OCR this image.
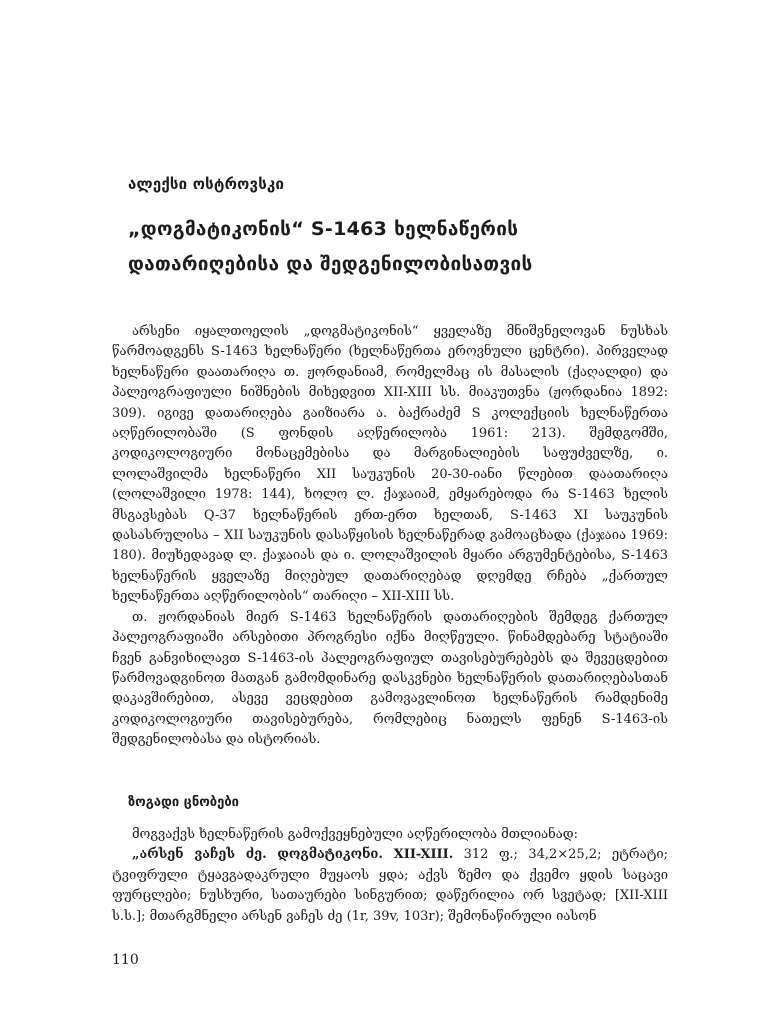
ალექსი ოსტროვსკი
„დოგმატიკონის“ S-1463 ხელნაწერის
დათარიღებისა და შედგენილობისათვის

არსენი იყალთოელის „დოგმატიკონის“ ყველაზე მნიშვნელოვან ნუსხას წარმოადგენს S-1463 ხელნაწერი (ხელნაწერთა ეროვნული ცენტრი). პირველად ხელნაწერი დაათარიღა თ. ჟორდანიამ, რომელმაც ის მასალის (ქაღალდი) და პალეოგრაფიული ნიშნების მიხედვით XII-XIII სს. მიაკუთვნა (ჟორდანია 1892: 309). იგივე დათარიღება გაიზიარა ა. ბაქრაძემ S კოლექციის ხელნაწერთა აღწერილობაში (S ფონდის აღწერილობა 1961: 213). შემდგომში, კოდიკოლოგიური მონაცემებისა და მარგინალიების საფუძველზე, ი. ლოლაშვილმა ხელნაწერი XII საუკუნის 20-30-იანი წლებით დაათარიღა (ლოლაშვილი 1978: 144), ხოლო ლ. ქაჯაიამ, ემყარებოდა რა S-1463 ხელის მსგავსებას Q-37 ხელნაწერის ერთ-ერთ ხელთან, S-1463 XI საუკუნის დასასრულისა – XII საუკუნის დასაწყისის ხელნაწერად გამოაცხადა (ქაჯაია 1969: 180). მიუხედავად ლ. ქაჯაიას და ი. ლოლაშვილის მყარი არგუმენტებისა, S-1463 ხელნაწერის ყველაზე მიღებულ დათარიღებად დღემდე რჩება „ქართულ ხელნაწერთა აღწერილობის“ თარიღი – XII-XIII სს.

თ. ჟორდანიას მიერ S-1463 ხელნაწერის დათარიღების შემდეგ ქართულ პალეოგრაფიაში არსებითი პროგრესი იქნა მიღწეული. წინამდებარე სტატიაში ჩვენ განვიხილავთ S-1463-ის პალეოგრაფიულ თავისებურებებს და შევეცდებით წარმოვადგინოთ მათგან გამომდინარე დასკვნები ხელნაწერის დათარიღებასთან დაკავშირებით, ასევე ვეცდებით გამოვავლინოთ ხელნაწერის რამდენიმე კოდიკოლოგიური თავისებურება, რომლებიც ნათელს ფენენ S-1463-ის შედგენილობასა და ისტორიას.

ზოგადი ცნობები

მოგვაქვს ხელნაწერის გამოქვეყნებული აღწერილობა მთლიანად:

„არსენ ვაჩეს ძე. დოგმატიკონი. XII-XIII. 312 ფ.; 34,2×25,2; ეტრატი; ტვიფრული ტყავგადაკრული მუყაოს ყდა; აქვს ზემო და ქვემო ყდის საცავი ფურცლები; ნუსხური, სათაურები სინგურით; დაწერილია ორ სვეტად; [XII-XIII ს.ს.]; მთარგმნელი არსენ ვაჩეს ძე (1r, 39v, 103r); შემონაწირული იასონ

110
